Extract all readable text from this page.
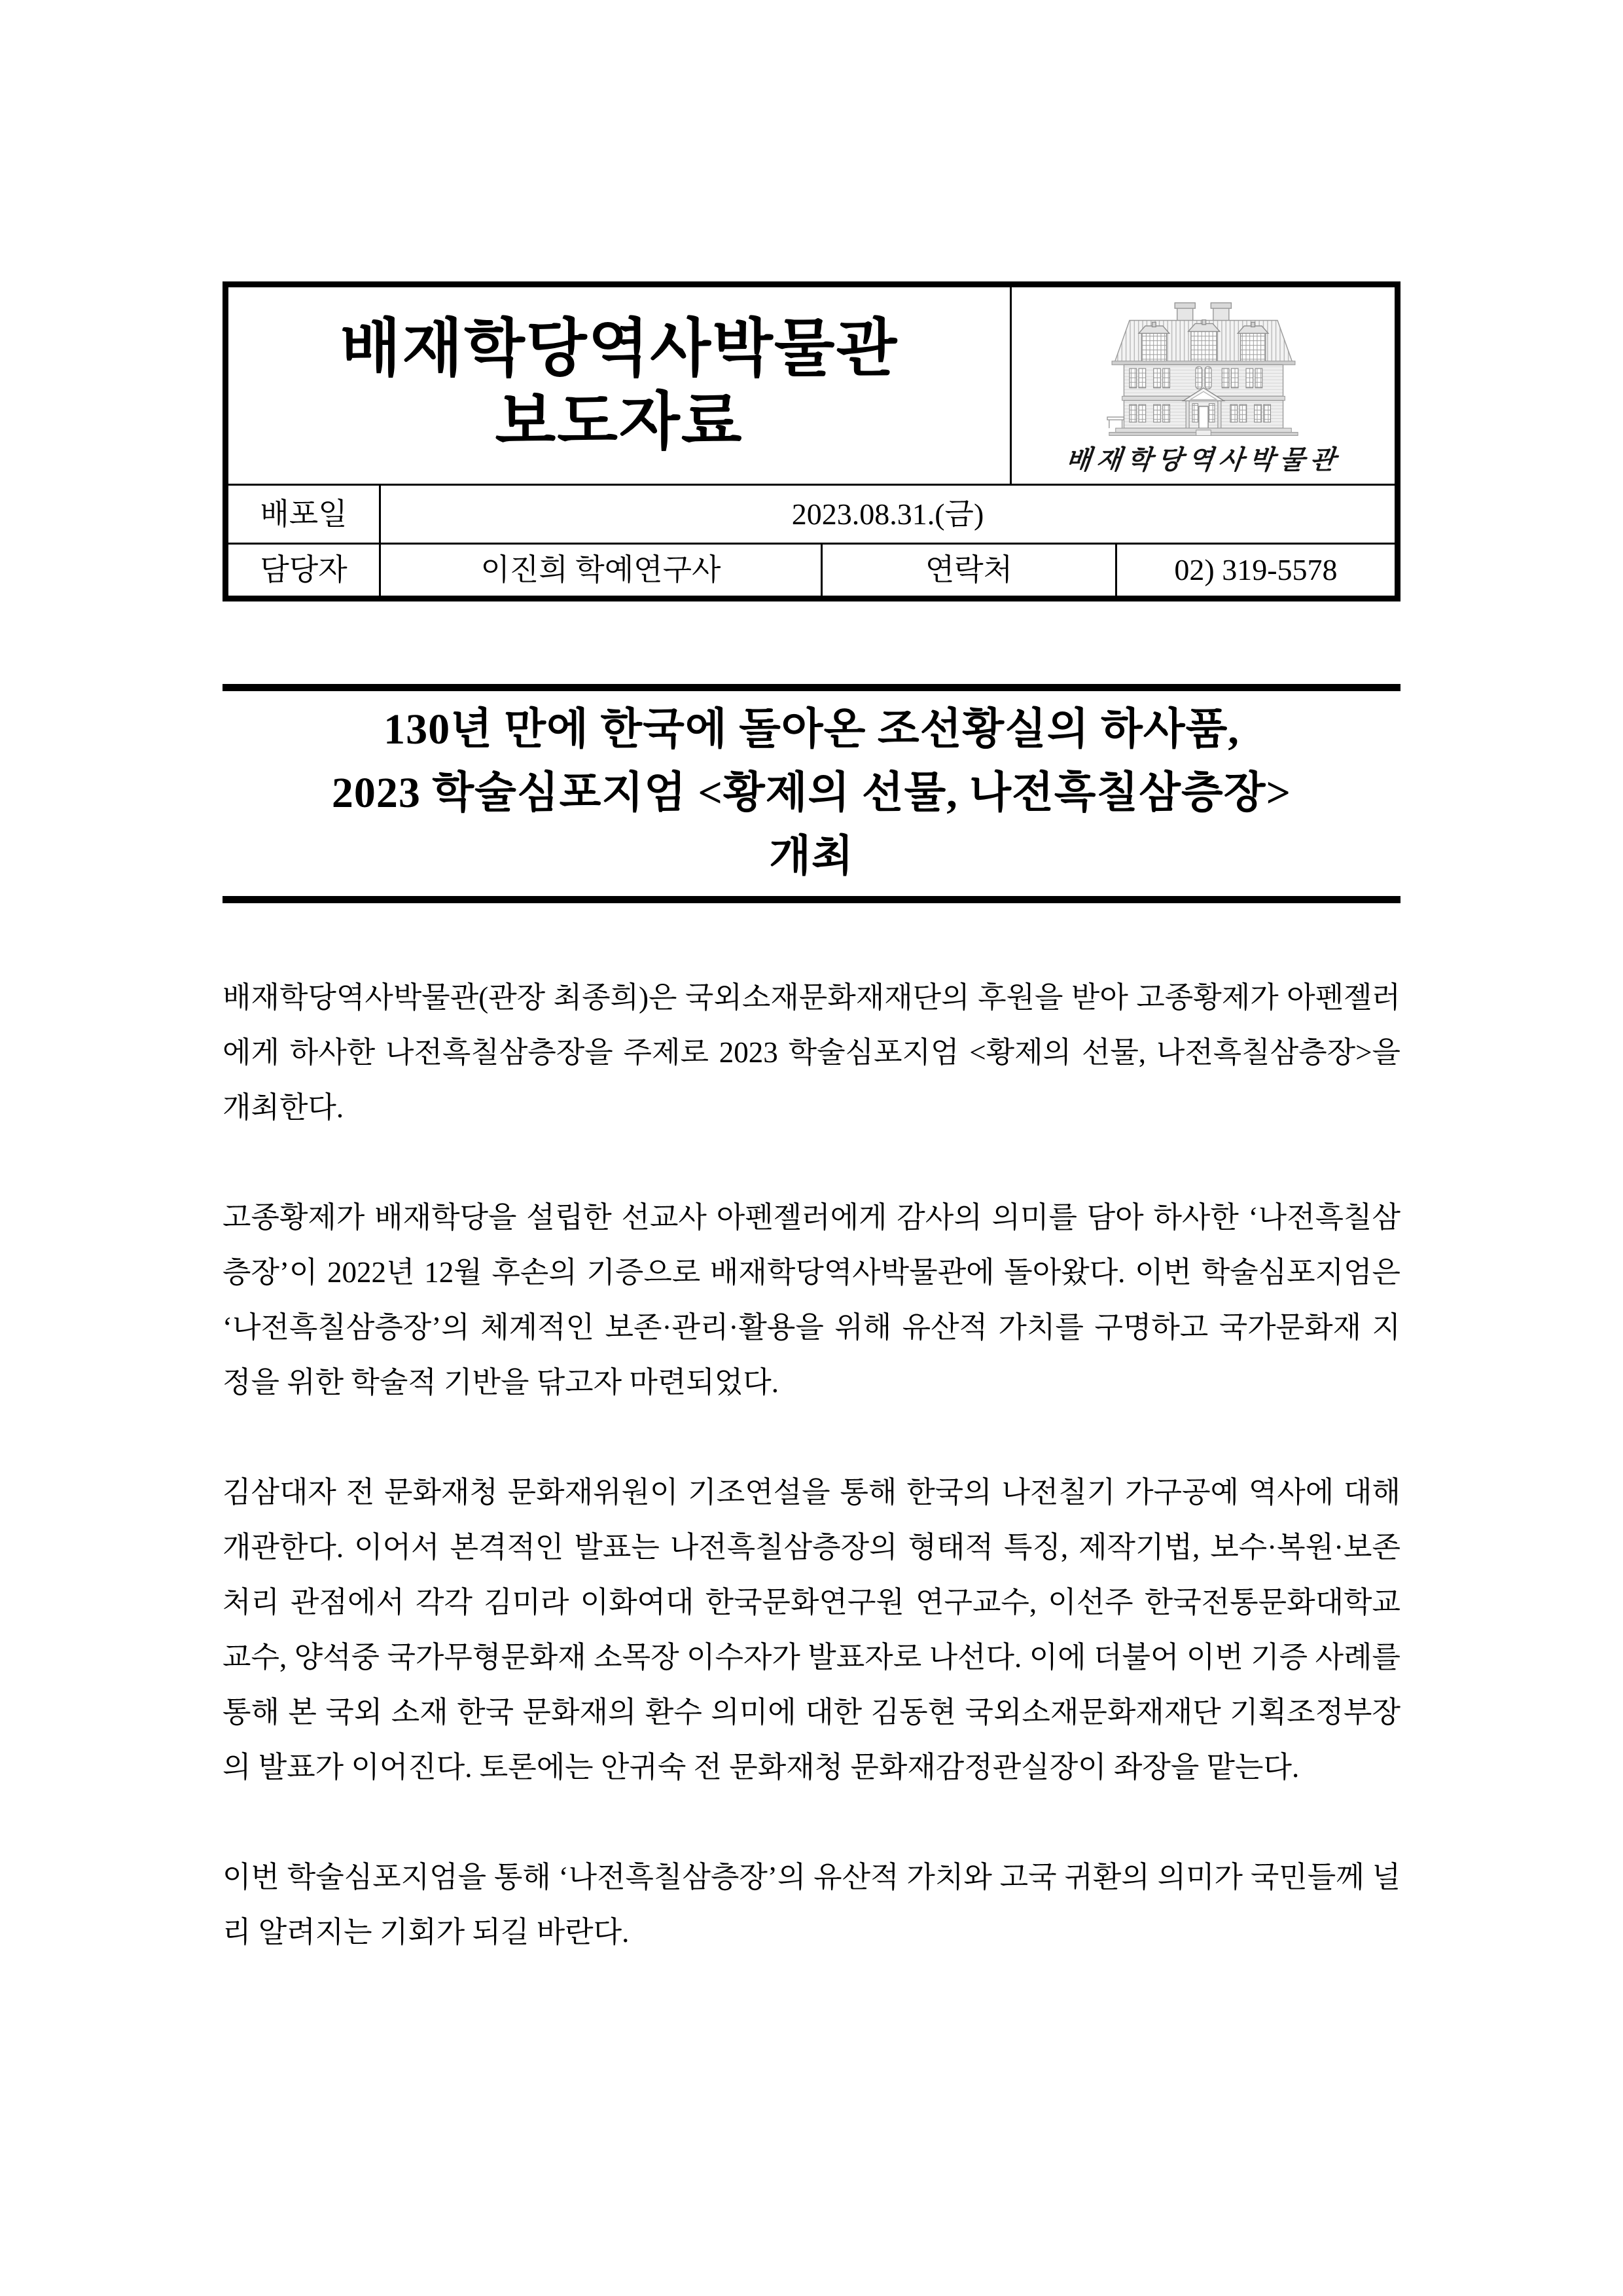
배재학당역사박물관
보도자료
배재학당역사박물관
배포일	2023.08.31.(금)
담당자	이진희 학예연구사	연락처	02) 319-5578
130년 만에 한국에 돌아온 조선황실의 하사품,
2023 학술심포지엄 <황제의 선물, 나전흑칠삼층장>
개최

배재학당역사박물관(관장 최종희)은 국외소재문화재재단의 후원을 받아 고종황제가 아펜젤러에게 하사한 나전흑칠삼층장을 주제로 2023 학술심포지엄 <황제의 선물, 나전흑칠삼층장>을 개최한다.

고종황제가 배재학당을 설립한 선교사 아펜젤러에게 감사의 의미를 담아 하사한 ‘나전흑칠삼층장’이 2022년 12월 후손의 기증으로 배재학당역사박물관에 돌아왔다. 이번 학술심포지엄은 ‘나전흑칠삼층장’의 체계적인 보존·관리·활용을 위해 유산적 가치를 구명하고 국가문화재 지정을 위한 학술적 기반을 닦고자 마련되었다.

김삼대자 전 문화재청 문화재위원이 기조연설을 통해 한국의 나전칠기 가구공예 역사에 대해 개관한다. 이어서 본격적인 발표는 나전흑칠삼층장의 형태적 특징, 제작기법, 보수·복원·보존처리 관점에서 각각 김미라 이화여대 한국문화연구원 연구교수, 이선주 한국전통문화대학교 교수, 양석중 국가무형문화재 소목장 이수자가 발표자로 나선다. 이에 더불어 이번 기증 사례를 통해 본 국외 소재 한국 문화재의 환수 의미에 대한 김동현 국외소재문화재재단 기획조정부장의 발표가 이어진다. 토론에는 안귀숙 전 문화재청 문화재감정관실장이 좌장을 맡는다.

이번 학술심포지엄을 통해 ‘나전흑칠삼층장’의 유산적 가치와 고국 귀환의 의미가 국민들께 널리 알려지는 기회가 되길 바란다.
